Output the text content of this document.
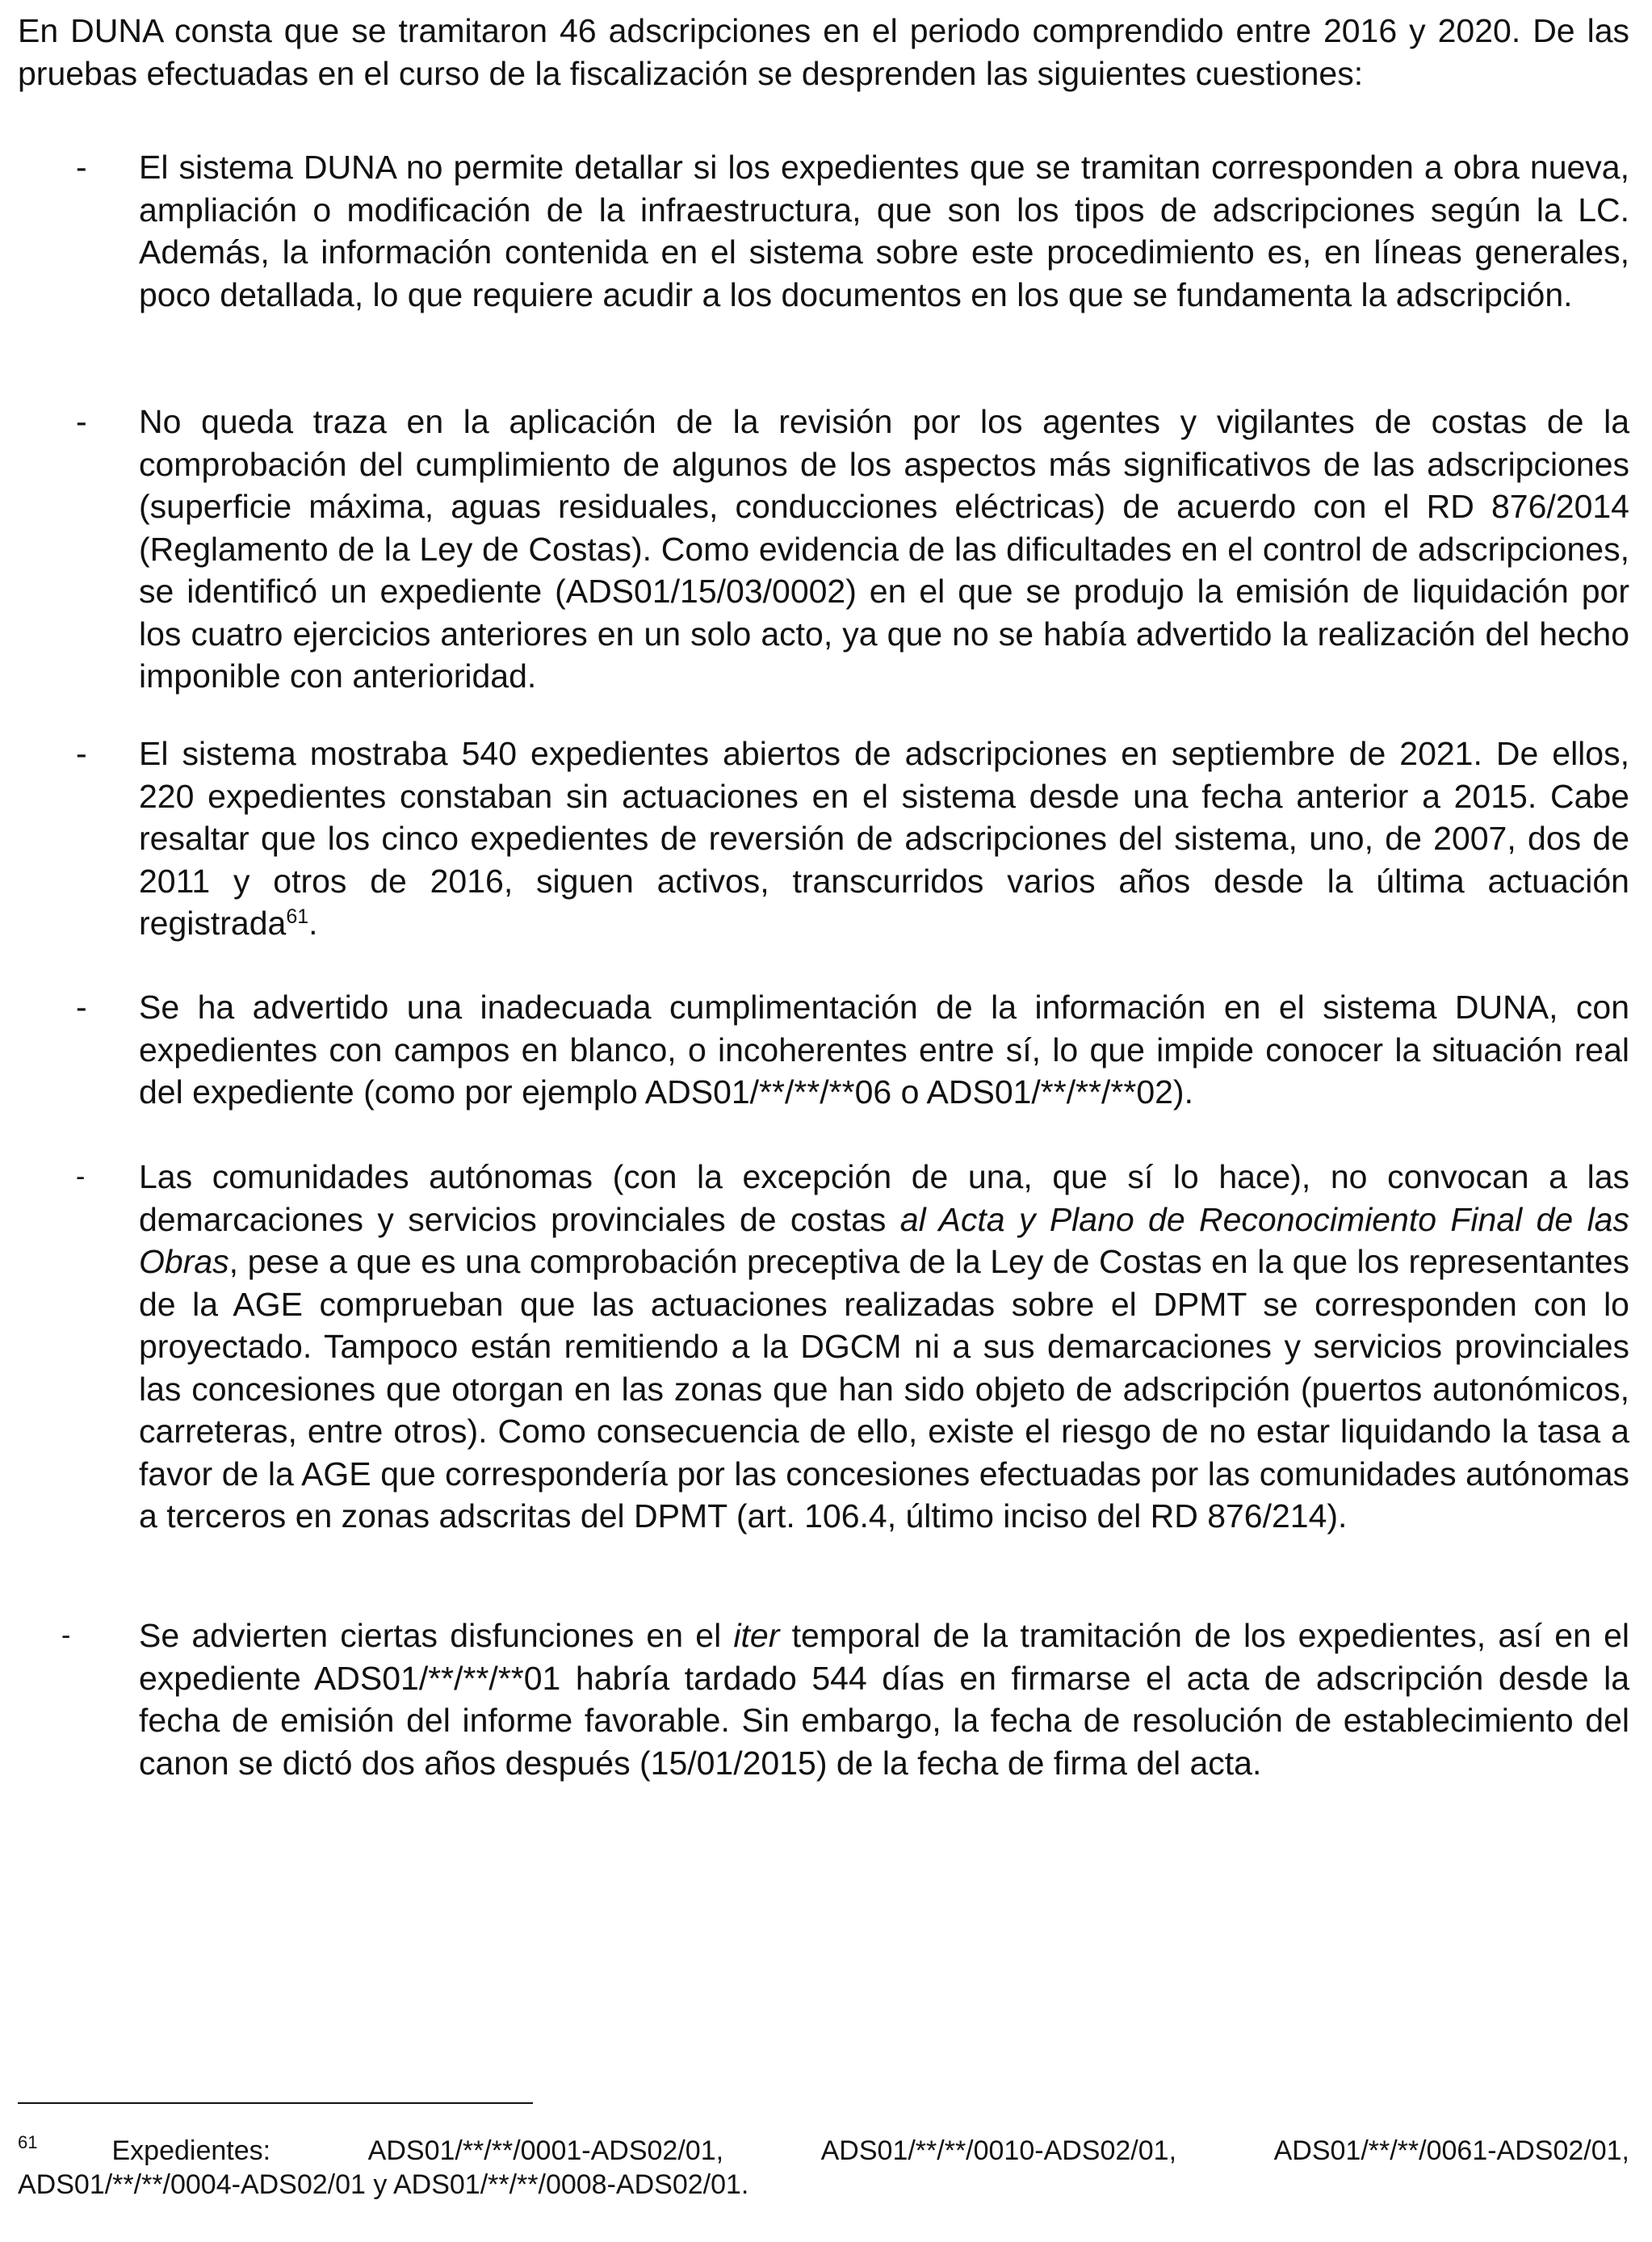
En DUNA consta que se tramitaron 46 adscripciones en el periodo comprendido entre 2016 y 2020. De las pruebas efectuadas en el curso de la fiscalización se desprenden las siguientes cuestiones:

- El sistema DUNA no permite detallar si los expedientes que se tramitan corresponden a obra nueva, ampliación o modificación de la infraestructura, que son los tipos de adscripciones según la LC. Además, la información contenida en el sistema sobre este procedimiento es, en líneas generales, poco detallada, lo que requiere acudir a los documentos en los que se fundamenta la adscripción.

- No queda traza en la aplicación de la revisión por los agentes y vigilantes de costas de la comprobación del cumplimiento de algunos de los aspectos más significativos de las adscripciones (superficie máxima, aguas residuales, conducciones eléctricas) de acuerdo con el RD 876/2014 (Reglamento de la Ley de Costas). Como evidencia de las dificultades en el control de adscripciones, se identificó un expediente (ADS01/15/03/0002) en el que se produjo la emisión de liquidación por los cuatro ejercicios anteriores en un solo acto, ya que no se había advertido la realización del hecho imponible con anterioridad.

- El sistema mostraba 540 expedientes abiertos de adscripciones en septiembre de 2021. De ellos, 220 expedientes constaban sin actuaciones en el sistema desde una fecha anterior a 2015. Cabe resaltar que los cinco expedientes de reversión de adscripciones del sistema, uno, de 2007, dos de 2011 y otros de 2016, siguen activos, transcurridos varios años desde la última actuación registrada$^{61}$.

- Se ha advertido una inadecuada cumplimentación de la información en el sistema DUNA, con expedientes con campos en blanco, o incoherentes entre sí, lo que impide conocer la situación real del expediente (como por ejemplo ADS01/**/**/**06 o ADS01/**/**/**02).

- Las comunidades autónomas (con la excepción de una, que sí lo hace), no convocan a las demarcaciones y servicios provinciales de costas al Acta y Plano de Reconocimiento Final de las Obras, pese a que es una comprobación preceptiva de la Ley de Costas en la que los representantes de la AGE comprueban que las actuaciones realizadas sobre el DPMT se corresponden con lo proyectado. Tampoco están remitiendo a la DGCM ni a sus demarcaciones y servicios provinciales las concesiones que otorgan en las zonas que han sido objeto de adscripción (puertos autonómicos, carreteras, entre otros). Como consecuencia de ello, existe el riesgo de no estar liquidando la tasa a favor de la AGE que correspondería por las concesiones efectuadas por las comunidades autónomas a terceros en zonas adscritas del DPMT (art. 106.4, último inciso del RD 876/214).

- Se advierten ciertas disfunciones en el iter temporal de la tramitación de los expedientes, así en el expediente ADS01/**/**/**01 habría tardado 544 días en firmarse el acta de adscripción desde la fecha de emisión del informe favorable. Sin embargo, la fecha de resolución de establecimiento del canon se dictó dos años después (15/01/2015) de la fecha de firma del acta.

$^{61}$	Expedientes:	ADS01/**/**/0001-ADS02/01,	ADS01/**/**/0010-ADS02/01,	ADS01/**/**/0061-ADS02/01,
ADS01/**/**/0004-ADS02/01 y ADS01/**/**/0008-ADS02/01.
